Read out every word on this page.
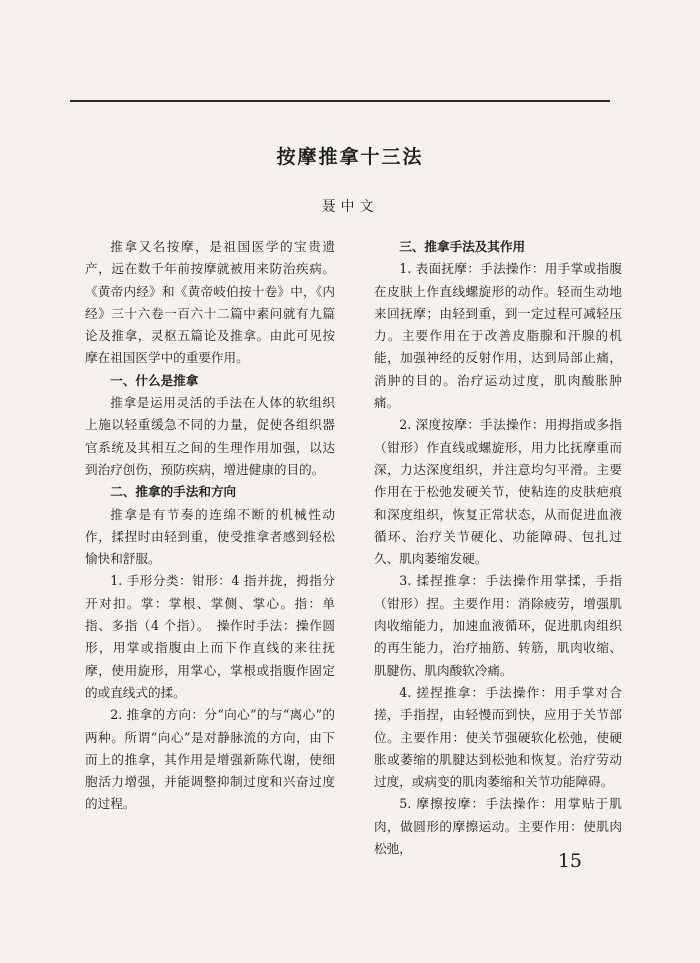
按摩推拿十三法
聂中文

推拿又名按摩，是祖国医学的宝贵遗产，远在数千年前按摩就被用来防治疾病。《黄帝内经》和《黄帝岐伯按十卷》中，《内经》三十六卷一百六十二篇中素问就有九篇论及推拿，灵枢五篇论及推拿。由此可见按摩在祖国医学中的重要作用。

一、什么是推拿

推拿是运用灵活的手法在人体的软组织上施以轻重缓急不同的力量，促使各组织器官系统及其相互之间的生理作用加强，以达到治疗创伤，预防疾病，增进健康的目的。

二、推拿的手法和方向

推拿是有节奏的连绵不断的机械性动作，揉捏时由轻到重，使受推拿者感到轻松愉快和舒服。

1. 手形分类：钳形：4 指并拢，拇指分开对扣。掌：掌根、掌侧、掌心。指：单指、多指（4 个指）。　操作时手法：操作圆形，用掌或指腹由上而下作直线的来往抚摩，使用旋形，用掌心，掌根或指腹作固定的或直线式的揉。

2. 推拿的方向：分“向心”的与“离心”的两种。所谓“向心”是对静脉流的方向，由下而上的推拿，其作用是增强新陈代谢，使细胞活力增强，并能调整抑制过度和兴奋过度的过程。

三、推拿手法及其作用

1. 表面抚摩：手法操作：用手掌或指腹在皮肤上作直线螺旋形的动作。轻而生动地来回抚摩；由轻到重，到一定过程可减轻压力。主要作用在于改善皮脂腺和汗腺的机能，加强神经的反射作用，达到局部止痛，消肿的目的。治疗运动过度，肌肉酸胀肿痛。

2. 深度按摩：手法操作：用拇指或多指（钳形）作直线或螺旋形，用力比抚摩重而深，力达深度组织，并注意均匀平滑。主要作用在于松弛发硬关节，使粘连的皮肤疤痕和深度组织，恢复正常状态，从而促进血液循环、治疗关节硬化、功能障碍、包扎过久、肌肉萎缩发硬。

3. 揉捏推拿：手法操作用掌揉，手指（钳形）捏。主要作用：消除疲劳，增强肌肉收缩能力，加速血液循环，促进肌肉组织的再生能力，治疗抽筋、转筋，肌肉收缩、肌腱伤、肌肉酸软冷痛。

4. 搓捏推拿：手法操作：用手掌对合搓，手指捏，由轻慢而到快，应用于关节部位。主要作用：使关节强硬软化松弛，使硬胀或萎缩的肌腱达到松弛和恢复。治疗劳动过度，或病变的肌肉萎缩和关节功能障碍。

5. 摩擦按摩：手法操作：用掌贴于肌肉，做圆形的摩擦运动。主要作用：使肌肉松弛，

15
